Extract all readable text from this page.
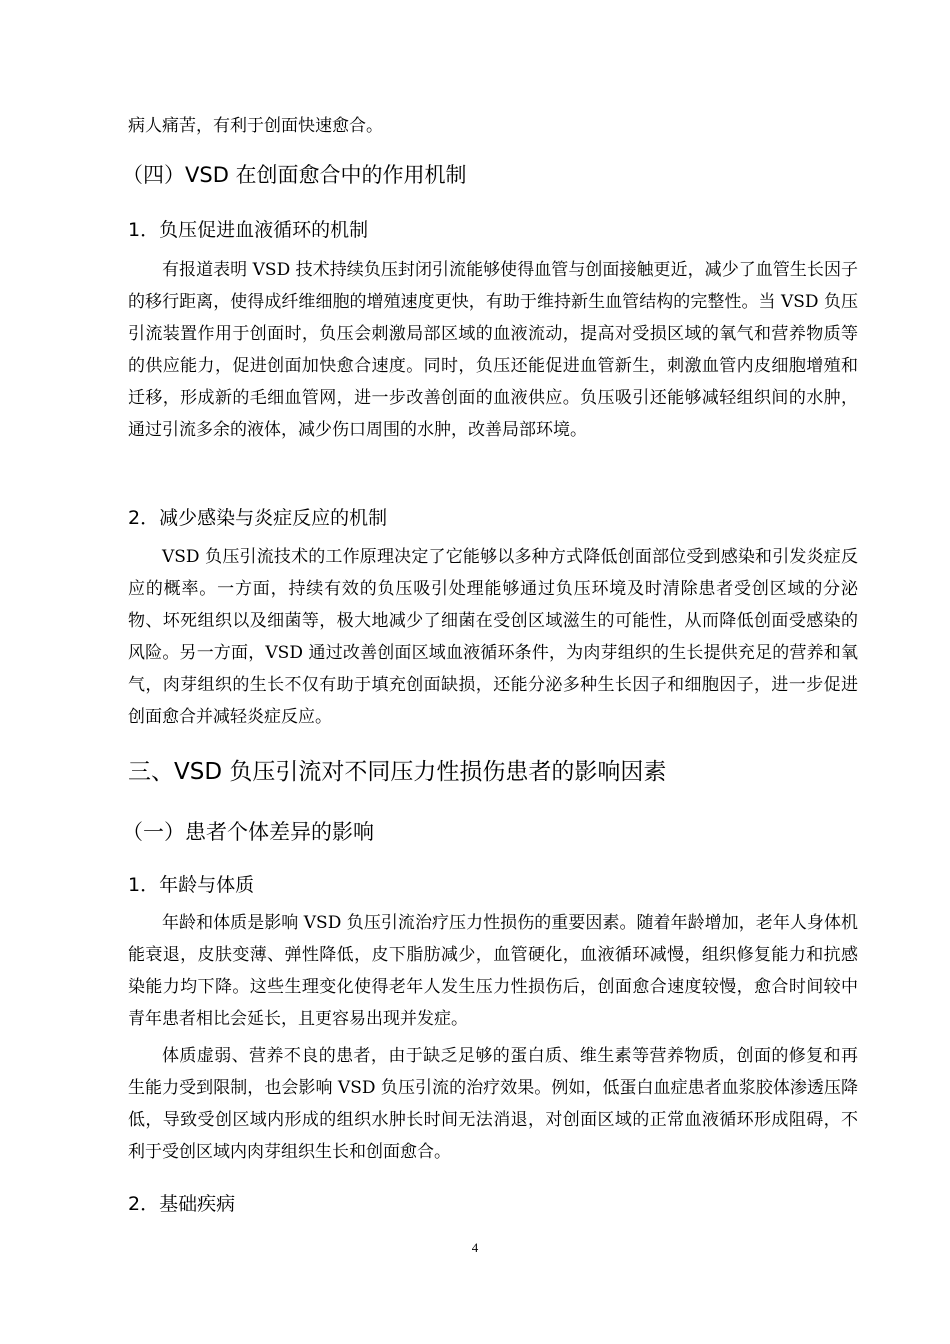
病人痛苦，有利于创面快速愈合。

（四）VSD 在创面愈合中的作用机制
1．负压促进血液循环的机制

有报道表明 VSD 技术持续负压封闭引流能够使得血管与创面接触更近，减少了血管生长因子的移行距离，使得成纤维细胞的增殖速度更快，有助于维持新生血管结构的完整性。当 VSD 负压引流装置作用于创面时，负压会刺激局部区域的血液流动，提高对受损区域的氧气和营养物质等的供应能力，促进创面加快愈合速度。同时，负压还能促进血管新生，刺激血管内皮细胞增殖和迁移，形成新的毛细血管网，进一步改善创面的血液供应。负压吸引还能够减轻组织间的水肿，通过引流多余的液体，减少伤口周围的水肿，改善局部环境。

2．减少感染与炎症反应的机制

VSD 负压引流技术的工作原理决定了它能够以多种方式降低创面部位受到感染和引发炎症反应的概率。一方面，持续有效的负压吸引处理能够通过负压环境及时清除患者受创区域的分泌物、坏死组织以及细菌等，极大地减少了细菌在受创区域滋生的可能性，从而降低创面受感染的风险。另一方面，VSD 通过改善创面区域血液循环条件，为肉芽组织的生长提供充足的营养和氧气，肉芽组织的生长不仅有助于填充创面缺损，还能分泌多种生长因子和细胞因子，进一步促进创面愈合并减轻炎症反应。

三、VSD 负压引流对不同压力性损伤患者的影响因素
（一）患者个体差异的影响
1．年龄与体质

年龄和体质是影响 VSD 负压引流治疗压力性损伤的重要因素。随着年龄增加，老年人身体机能衰退，皮肤变薄、弹性降低，皮下脂肪减少，血管硬化，血液循环减慢，组织修复能力和抗感染能力均下降。这些生理变化使得老年人发生压力性损伤后，创面愈合速度较慢，愈合时间较中青年患者相比会延长，且更容易出现并发症。

体质虚弱、营养不良的患者，由于缺乏足够的蛋白质、维生素等营养物质，创面的修复和再生能力受到限制，也会影响 VSD 负压引流的治疗效果。例如，低蛋白血症患者血浆胶体渗透压降低，导致受创区域内形成的组织水肿长时间无法消退，对创面区域的正常血液循环形成阻碍，不利于受创区域内肉芽组织生长和创面愈合。

2．基础疾病
4
